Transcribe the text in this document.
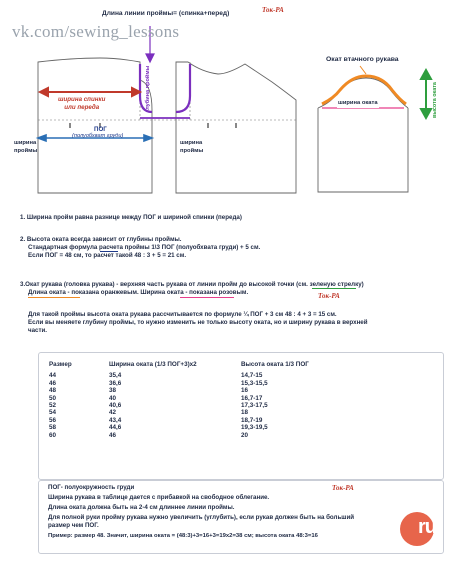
Длина линии проймы= (спинка+перед)	Ток-РА
vk.com/sewing_lessons
ширина спинки
или переда
ПОГ
(полуобхват груди)
ширина
проймы
ширина
проймы
глубина проймы
Окат втачного рукава
ширина оката	высота оката
1. Ширина пройм равна разнице между ПОГ и шириной спинки (переда)
2. Высота оката всегда зависит от глубины проймы.
Стандартная формула расчета проймы 1\3 ПОГ (полуобхвата груди) + 5 см.
Если ПОГ = 48 см, то расчет такой 48 : 3 + 5 = 21 см.
3.Окат рукава (головка рукава) - верхняя часть рукава от линии пройм до высокой точки (см. зеленую стрелку)
Длина оката - показана оранжевым. Ширина оката - показана розовым.	Ток-РА
Для такой проймы высота оката рукава рассчитывается по формуле ¼ ПОГ + 3 см 48 : 4 + 3 = 15 см.
Если вы меняете глубину проймы, то нужно изменить не только высоту оката, но и ширину рукава в верхней
части.
Размер	Ширина оката (1/3 ПОГ+3)х2	Высота оката 1/3 ПОГ
44	35,4	14,7-15
46	36,6	15,3-15,5
48	38	16
50	40	16,7-17
52	40,6	17,3-17,5
54	42	18
56	43,4	18,7-19
58	44,6	19,3-19,5
60	46	20
ПОГ- полуокружность груди	Ток-РА
Ширина рукава в таблице дается с прибавкой на свободное облегание.
Длина оката должна быть на 2-4 см длиннее линии проймы.
Для полной руки пройму рукава нужно увеличить (углубить), если рукав должен быть на больший
размер чем ПОГ.
Пример: размер 48. Значит, ширина оката = (48:3)+3=16+3=19х2=38 см; высота оката 48:3=16	ru
